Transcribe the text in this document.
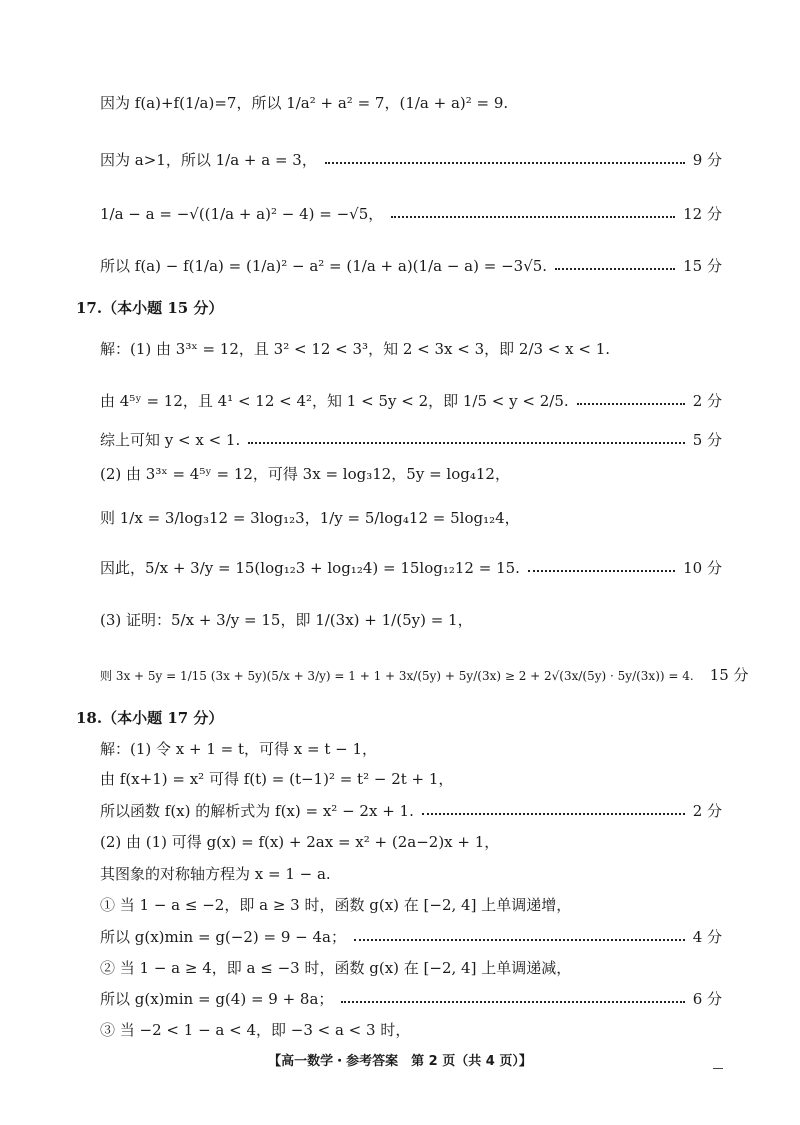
因为 f(a)+f(1/a)=7，所以 1/a² + a² = 7，(1/a + a)² = 9.
因为 a>1，所以 1/a + a = 3，	9 分
1/a − a = −√((1/a + a)² − 4) = −√5，	12 分
所以 f(a) − f(1/a) = (1/a)² − a² = (1/a + a)(1/a − a) = −3√5.	15 分
17.（本小题 15 分）
解：(1) 由 3³ˣ = 12，且 3² < 12 < 3³，知 2 < 3x < 3，即 2/3 < x < 1.
由 4⁵ʸ = 12，且 4¹ < 12 < 4²，知 1 < 5y < 2，即 1/5 < y < 2/5.	2 分
综上可知 y < x < 1.	5 分
(2) 由 3³ˣ = 4⁵ʸ = 12，可得 3x = log₃12，5y = log₄12，
则 1/x = 3/log₃12 = 3log₁₂3，1/y = 5/log₄12 = 5log₁₂4，
因此，5/x + 3/y = 15(log₁₂3 + log₁₂4) = 15log₁₂12 = 15.	10 分
(3) 证明：5/x + 3/y = 15，即 1/(3x) + 1/(5y) = 1，
则 3x + 5y = 1/15 (3x + 5y)(5/x + 3/y) = 1 + 1 + 3x/(5y) + 5y/(3x) ≥ 2 + 2√(3x/(5y) · 5y/(3x)) = 4. 15 分
18.（本小题 17 分）
解：(1) 令 x + 1 = t，可得 x = t − 1，
由 f(x+1) = x² 可得 f(t) = (t−1)² = t² − 2t + 1，
所以函数 f(x) 的解析式为 f(x) = x² − 2x + 1.	2 分
(2) 由 (1) 可得 g(x) = f(x) + 2ax = x² + (2a−2)x + 1，
其图象的对称轴方程为 x = 1 − a.
① 当 1 − a ≤ −2，即 a ≥ 3 时，函数 g(x) 在 [−2, 4] 上单调递增，
所以 g(x)min = g(−2) = 9 − 4a；	4 分
② 当 1 − a ≥ 4，即 a ≤ −3 时，函数 g(x) 在 [−2, 4] 上单调递减，
所以 g(x)min = g(4) = 9 + 8a；	6 分
③ 当 −2 < 1 − a < 4，即 −3 < a < 3 时，
【高一数学・参考答案　第 2 页（共 4 页）】
